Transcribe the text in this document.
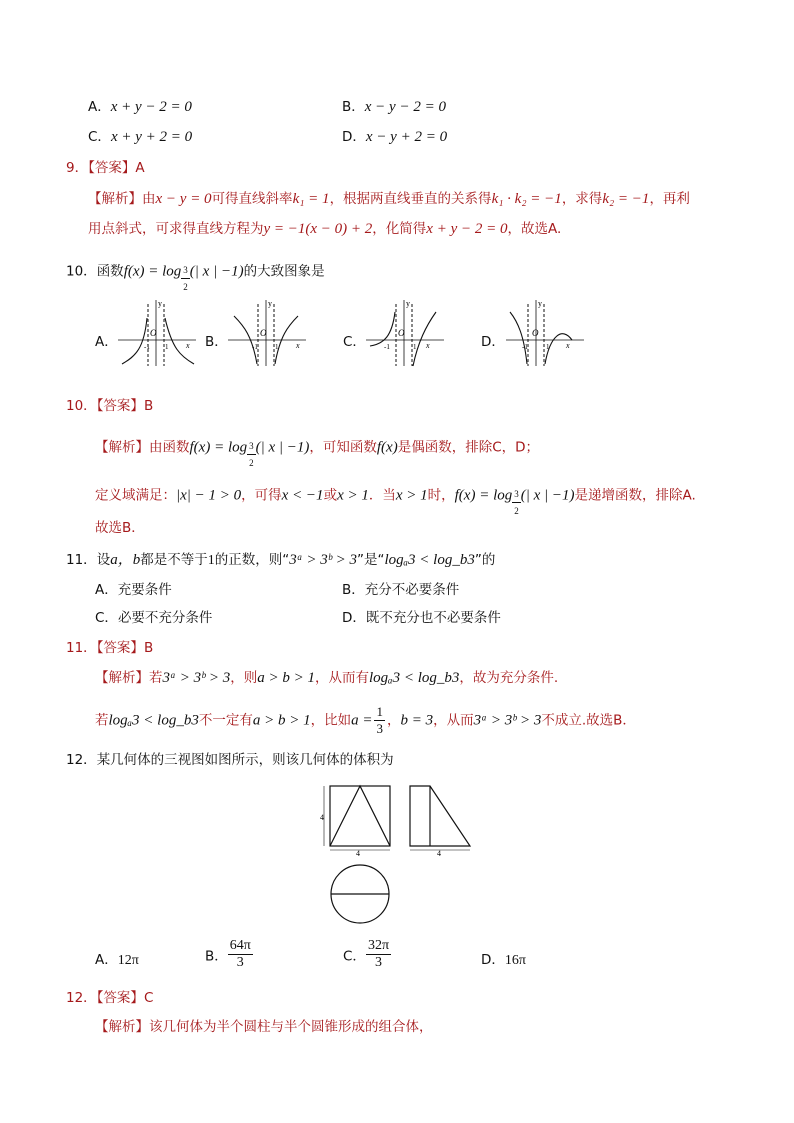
A．x + y − 2 = 0	B．x − y − 2 = 0
C．x + y + 2 = 0	D．x − y + 2 = 0
9．【答案】A
【解析】由x − y = 0可得直线斜率k₁ = 1，根据两直线垂直的关系得k₁ · k₂ = −1，求得k₂ = −1，再利
用点斜式，可求得直线方程为y = −1(x − 0) + 2，化简得x + y − 2 = 0，故选A.
10．函数$f(x) = \log \frac{3}{2}$ (| x | −1)的大致图象是
A．	B．	C．	D．
y
x
O
-1 1
y
x
O
-1 1
y
x
O
-1	1
y
x
O
-1	1
10．【答案】B
【解析】由函数$f(x) = \log \frac{3}{2}$ (| x | −1)，可知函数f(x)是偶函数，排除C，D；
定义域满足：|x| − 1 > 0，可得x < −1或x > 1．当x > 1时，$f(x) = \log \frac{3}{2}$ (| x | −1)是递增函数，排除A.
故选B．
11．设a，b都是不等于1的正数，则“3ᵃ > 3ᵇ > 3”是“logₐ3 < log_b3”的
A．充要条件	B．充分不必要条件
C．必要不充分条件	D．既不充分也不必要条件
11．【答案】B
【解析】若3ᵃ > 3ᵇ > 3，则a > b > 1，从而有logₐ3 < log_b3，故为充分条件.
若logₐ3 < log_b3不一定有a > b > 1，比如$a = \frac{1}{3}$ ，b = 3，从而3ᵃ > 3ᵇ > 3不成立.故选B．
12．某几何体的三视图如图所示，则该几何体的体积为
4
4	4
A．12π	B． $\frac{64\pi}{3}$	C． $\frac{32\pi}{3}$	D．16π
12．【答案】C
【解析】该几何体为半个圆柱与半个圆锥形成的组合体，
